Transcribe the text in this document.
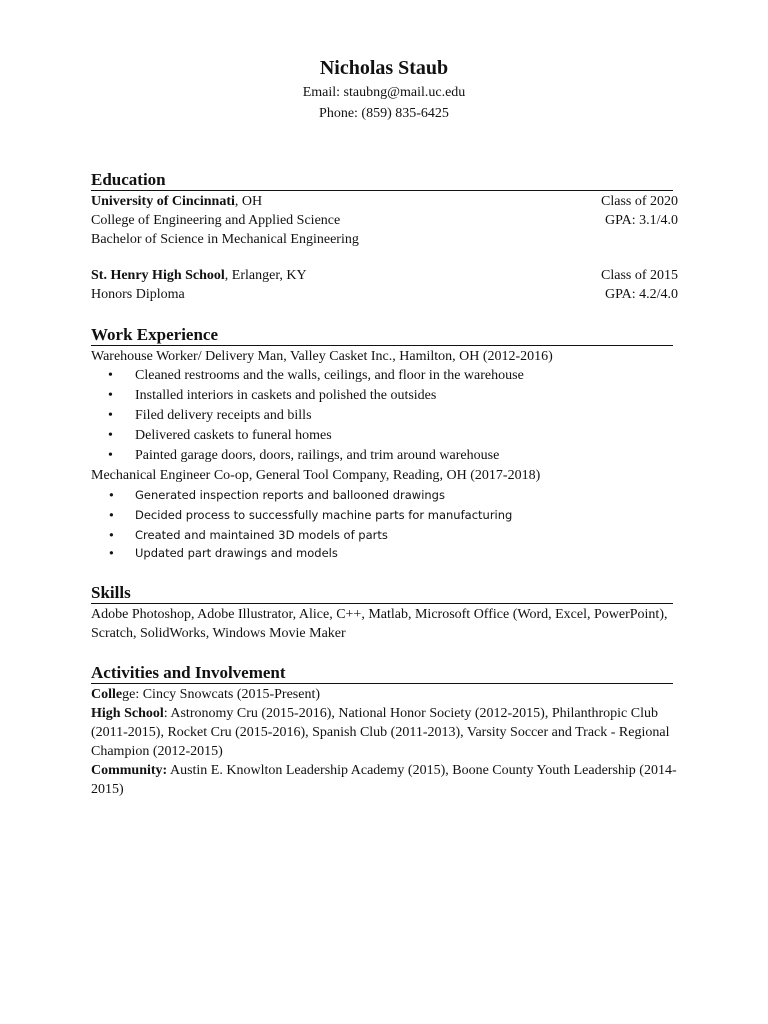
Nicholas Staub
Email: staubng@mail.uc.edu
Phone: (859) 835-6425
Education
University of Cincinnati, OH	Class of 2020
College of Engineering and Applied Science	GPA: 3.1/4.0
Bachelor of Science in Mechanical Engineering
St. Henry High School, Erlanger, KY	Class of 2015
Honors Diploma	GPA: 4.2/4.0
Work Experience
Warehouse Worker/ Delivery Man, Valley Casket Inc., Hamilton, OH (2012-2016)
• Cleaned restrooms and the walls, ceilings, and floor in the warehouse
• Installed interiors in caskets and polished the outsides
• Filed delivery receipts and bills
• Delivered caskets to funeral homes
• Painted garage doors, doors, railings, and trim around warehouse
Mechanical Engineer Co-op, General Tool Company, Reading, OH (2017-2018)
• Generated inspection reports and ballooned drawings
• Decided process to successfully machine parts for manufacturing
• Created and maintained 3D models of parts
• Updated part drawings and models
Skills
Adobe Photoshop, Adobe Illustrator, Alice, C++, Matlab, Microsoft Office (Word, Excel, PowerPoint), Scratch, SolidWorks, Windows Movie Maker
Activities and Involvement
College: Cincy Snowcats (2015-Present)
High School: Astronomy Cru (2015-2016), National Honor Society (2012-2015), Philanthropic Club (2011-2015), Rocket Cru (2015-2016), Spanish Club (2011-2013), Varsity Soccer and Track - Regional Champion (2012-2015)
Community: Austin E. Knowlton Leadership Academy (2015), Boone County Youth Leadership (2014-2015)
